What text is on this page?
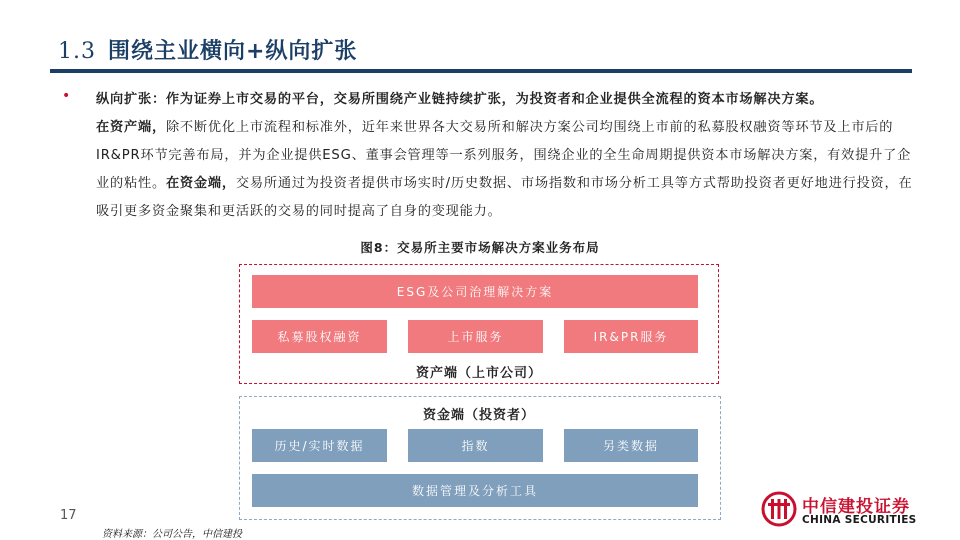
1.3 围绕主业横向+纵向扩张
• 纵向扩张：作为证券上市交易的平台，交易所围绕产业链持续扩张，为投资者和企业提供全流程的资本市场解决方案。
在资产端，除不断优化上市流程和标准外，近年来世界各大交易所和解决方案公司均围绕上市前的私募股权融资等环节及上市后的IR&PR环节完善布局，并为企业提供ESG、董事会管理等一系列服务，围绕企业的全生命周期提供资本市场解决方案，有效提升了企业的粘性。在资金端，交易所通过为投资者提供市场实时/历史数据、市场指数和市场分析工具等方式帮助投资者更好地进行投资，在吸引更多资金聚集和更活跃的交易的同时提高了自身的变现能力。
图8：交易所主要市场解决方案业务布局
ESG及公司治理解决方案
私募股权融资	上市服务	IR&PR服务
资产端（上市公司）
资金端（投资者）
历史/实时数据	指数	另类数据
数据管理及分析工具
17
资料来源：公司公告，中信建投
中信建投证券
CHINA SECURITIES
